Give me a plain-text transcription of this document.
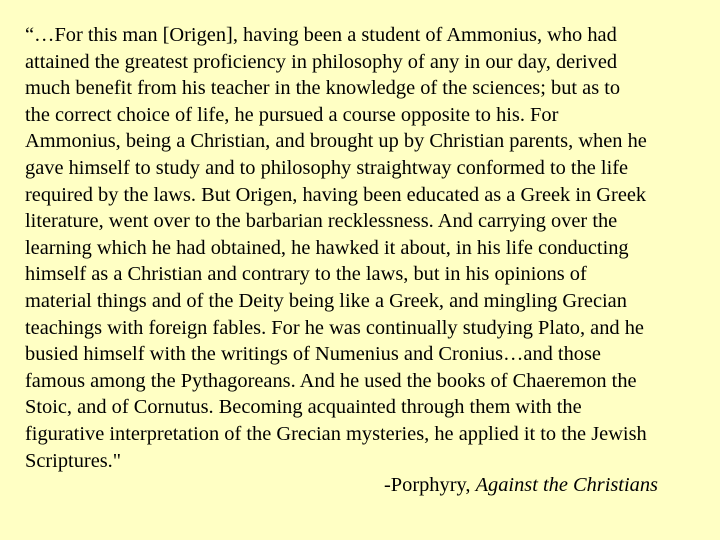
“…For this man [Origen], having been a student of Ammonius, who had
attained the greatest proficiency in philosophy of any in our day, derived
much benefit from his teacher in the knowledge of the sciences; but as to
the correct choice of life, he pursued a course opposite to his. For
Ammonius, being a Christian, and brought up by Christian parents, when he
gave himself to study and to philosophy straightway conformed to the life
required by the laws. But Origen, having been educated as a Greek in Greek
literature, went over to the barbarian recklessness. And carrying over the
learning which he had obtained, he hawked it about, in his life conducting
himself as a Christian and contrary to the laws, but in his opinions of
material things and of the Deity being like a Greek, and mingling Grecian
teachings with foreign fables. For he was continually studying Plato, and he
busied himself with the writings of Numenius and Cronius…and those
famous among the Pythagoreans. And he used the books of Chaeremon the
Stoic, and of Cornutus. Becoming acquainted through them with the
figurative interpretation of the Grecian mysteries, he applied it to the Jewish
Scriptures."

-Porphyry, Against the Christians
